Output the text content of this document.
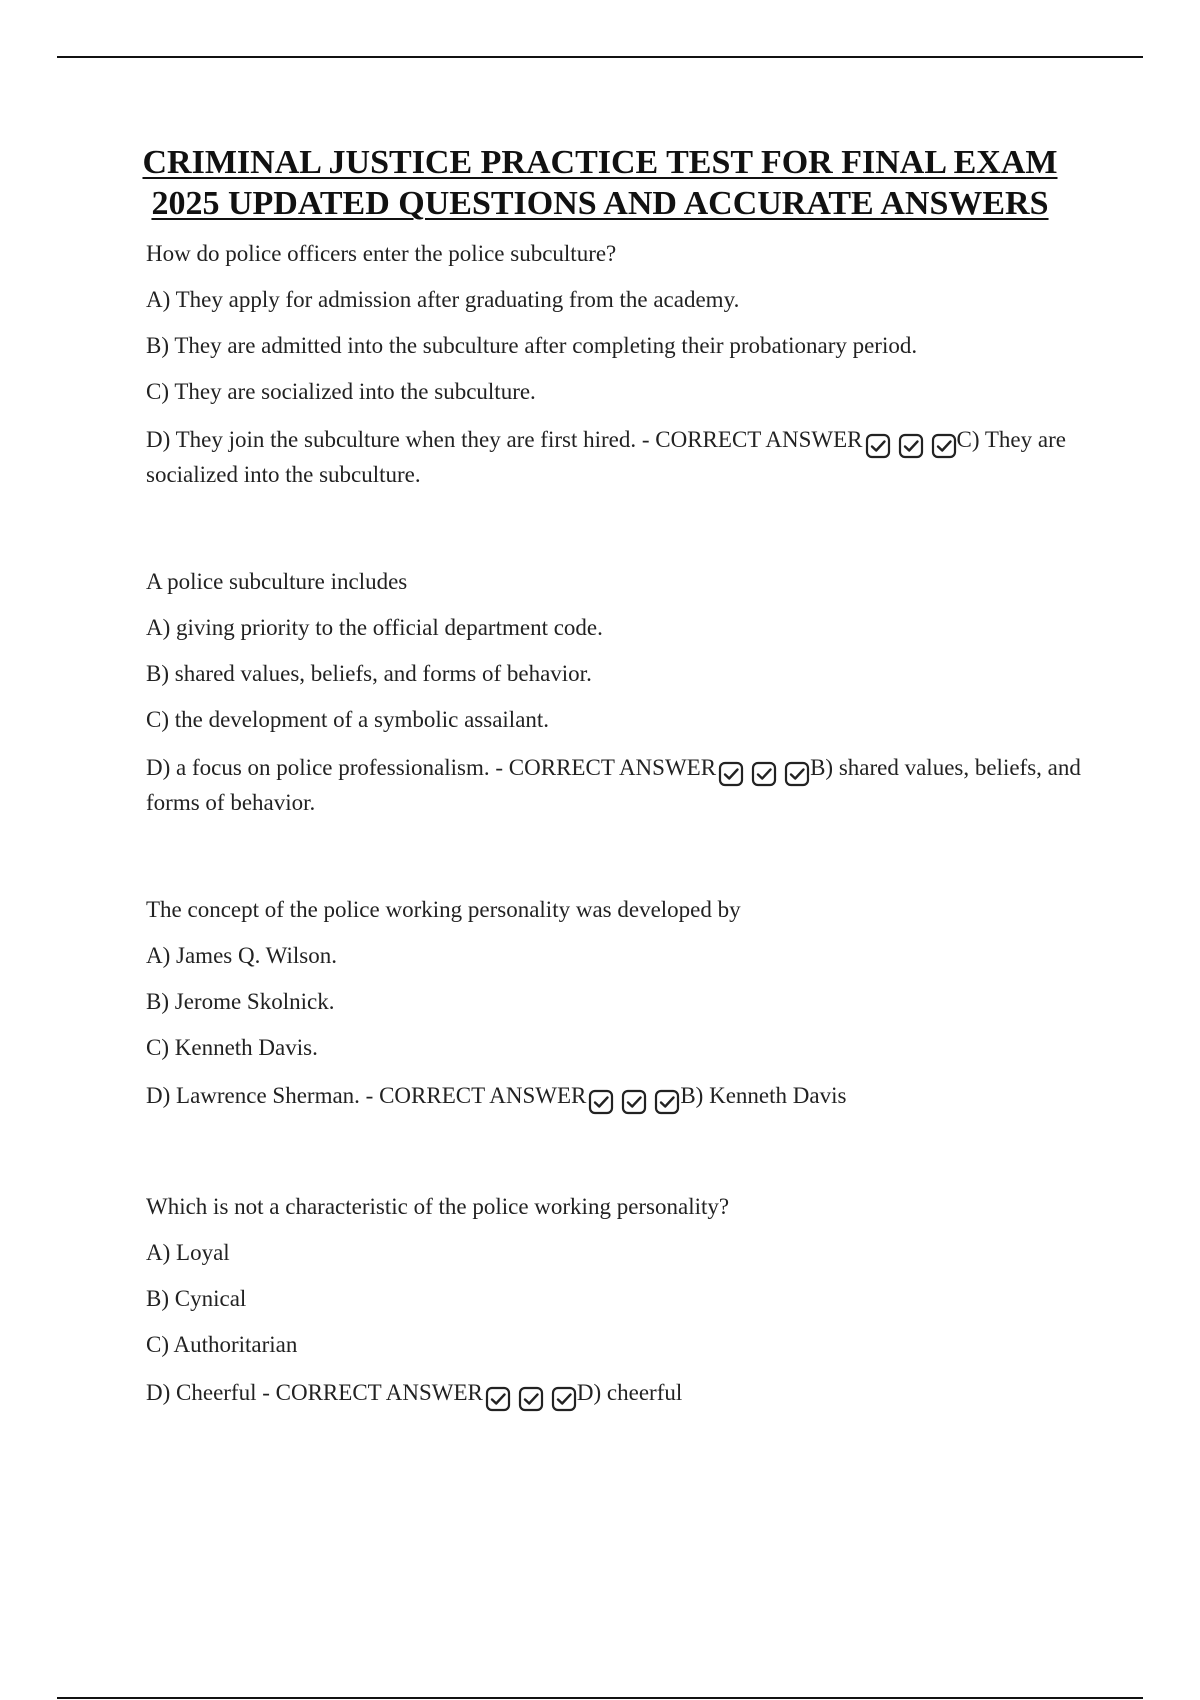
CRIMINAL JUSTICE PRACTICE TEST FOR FINAL EXAM
2025 UPDATED QUESTIONS AND ACCURATE ANSWERS

How do police officers enter the police subculture?

A) They apply for admission after graduating from the academy.

B) They are admitted into the subculture after completing their probationary period.

C) They are socialized into the subculture.

D) They join the subculture when they are first hired. - CORRECT ANSWER	C) They are socialized into the subculture.

A police subculture includes

A) giving priority to the official department code.

B) shared values, beliefs, and forms of behavior.

C) the development of a symbolic assailant.

D) a focus on police professionalism. - CORRECT ANSWER	B) shared values, beliefs, and forms of behavior.

The concept of the police working personality was developed by

A) James Q. Wilson.

B) Jerome Skolnick.

C) Kenneth Davis.

D) Lawrence Sherman. - CORRECT ANSWER	B) Kenneth Davis

Which is not a characteristic of the police working personality?

A) Loyal

B) Cynical

C) Authoritarian

D) Cheerful - CORRECT ANSWER	D) cheerful
